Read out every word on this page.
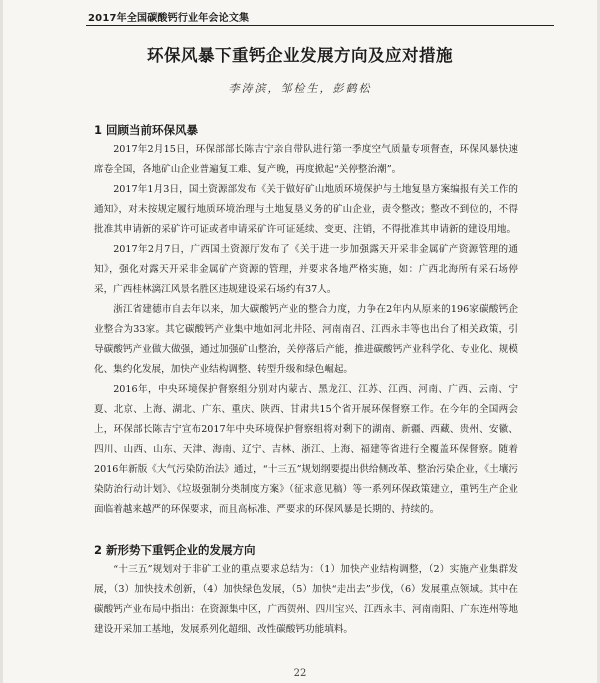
2017年全国碳酸钙行业年会论文集
环保风暴下重钙企业发展方向及应对措施
李涛滨，邹检生，彭鹤松
1 回顾当前环保风暴

2017年2月15日，环保部部长陈吉宁亲自带队进行第一季度空气质量专项督查，环保风暴快速席卷全国，各地矿山企业普遍复工难、复产晚，再度掀起“关停整治潮”。

2017年1月3日，国土资源部发布《关于做好矿山地质环境保护与土地复垦方案编报有关工作的通知》，对未按规定履行地质环境治理与土地复垦义务的矿山企业，责令整改；整改不到位的，不得批准其申请新的采矿许可证或者申请采矿许可证延续、变更、注销，不得批准其申请新的建设用地。

2017年2月7日，广西国土资源厅发布了《关于进一步加强露天开采非金属矿产资源管理的通知》，强化对露天开采非金属矿产资源的管理，并要求各地严格实施，如：广西北海所有采石场停采，广西桂林漓江风景名胜区违规建设采石场约有37人。

浙江省建德市自去年以来，加大碳酸钙产业的整合力度，力争在2年内从原来的196家碳酸钙企业整合为33家。其它碳酸钙产业集中地如河北井陉、河南南召、江西永丰等也出台了相关政策，引导碳酸钙产业做大做强，通过加强矿山整治，关停落后产能，推进碳酸钙产业科学化、专业化、规模化、集约化发展，加快产业结构调整、转型升级和绿色崛起。

2016年，中央环境保护督察组分别对内蒙古、黑龙江、江苏、江西、河南、广西、云南、宁夏、北京、上海、湖北、广东、重庆、陕西、甘肃共15个省开展环保督察工作。在今年的全国两会上，环保部长陈吉宁宣布2017年中央环境保护督察组将对剩下的湖南、新疆、西藏、贵州、安徽、四川、山西、山东、天津、海南、辽宁、吉林、浙江、上海、福建等省进行全覆盖环保督察。随着2016年新版《大气污染防治法》通过，“十三五”规划纲要提出供给侧改革、整治污染企业，《土壤污染防治行动计划》、《垃圾强制分类制度方案》（征求意见稿）等一系列环保政策建立，重钙生产企业面临着越来越严的环保要求，而且高标准、严要求的环保风暴是长期的、持续的。

2 新形势下重钙企业的发展方向

“十三五”规划对于非矿工业的重点要求总结为：（1）加快产业结构调整，（2）实施产业集群发展，（3）加快技术创新，（4）加快绿色发展，（5）加快“走出去”步伐，（6）发展重点领域。其中在碳酸钙产业布局中指出：在资源集中区，广西贺州、四川宝兴、江西永丰、河南南阳、广东连州等地建设开采加工基地，发展系列化超细、改性碳酸钙功能填料。

22
